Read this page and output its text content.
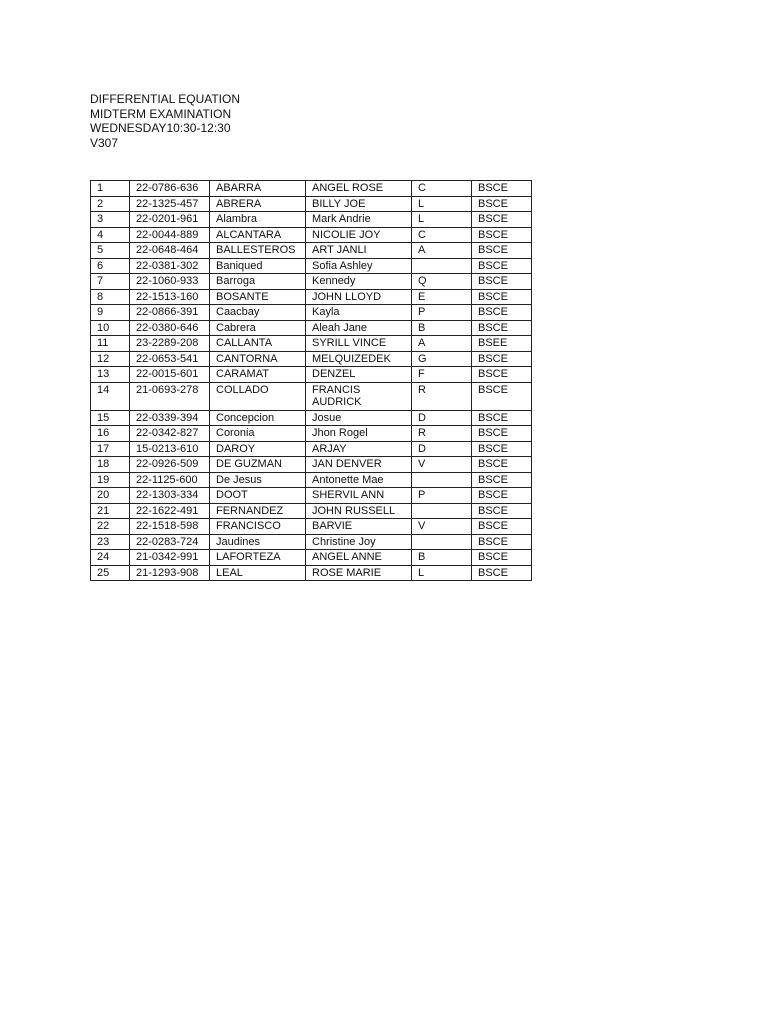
DIFFERENTIAL EQUATION
MIDTERM EXAMINATION
WEDNESDAY10:30-12:30
V307
1	22-0786-636	ABARRA	ANGEL ROSE	C	BSCE
2	22-1325-457	ABRERA	BILLY JOE	L	BSCE
3	22-0201-961	Alambra	Mark Andrie	L	BSCE
4	22-0044-889	ALCANTARA	NICOLIE JOY	C	BSCE
5	22-0648-464	BALLESTEROS	ART JANLI	A	BSCE
6	22-0381-302	Baniqued	Sofia Ashley		BSCE
7	22-1060-933	Barroga	Kennedy	Q	BSCE
8	22-1513-160	BOSANTE	JOHN LLOYD	E	BSCE
9	22-0866-391	Caacbay	Kayla	P	BSCE
10	22-0380-646	Cabrera	Aleah Jane	B	BSCE
11	23-2289-208	CALLANTA	SYRILL VINCE	A	BSEE
12	22-0653-541	CANTORNA	MELQUIZEDEK	G	BSCE
13	22-0015-601	CARAMAT	DENZEL	F	BSCE
14	21-0693-278	COLLADO	FRANCIS AUDRICK	R	BSCE
15	22-0339-394	Concepcion	Josue	D	BSCE
16	22-0342-827	Coronia	Jhon Rogel	R	BSCE
17	15-0213-610	DAROY	ARJAY	D	BSCE
18	22-0926-509	DE GUZMAN	JAN DENVER	V	BSCE
19	22-1125-600	De Jesus	Antonette Mae		BSCE
20	22-1303-334	DOOT	SHERVIL ANN	P	BSCE
21	22-1622-491	FERNANDEZ	JOHN RUSSELL		BSCE
22	22-1518-598	FRANCISCO	BARVIE	V	BSCE
23	22-0283-724	Jaudines	Christine Joy		BSCE
24	21-0342-991	LAFORTEZA	ANGEL ANNE	B	BSCE
25	21-1293-908	LEAL	ROSE MARIE	L	BSCE
